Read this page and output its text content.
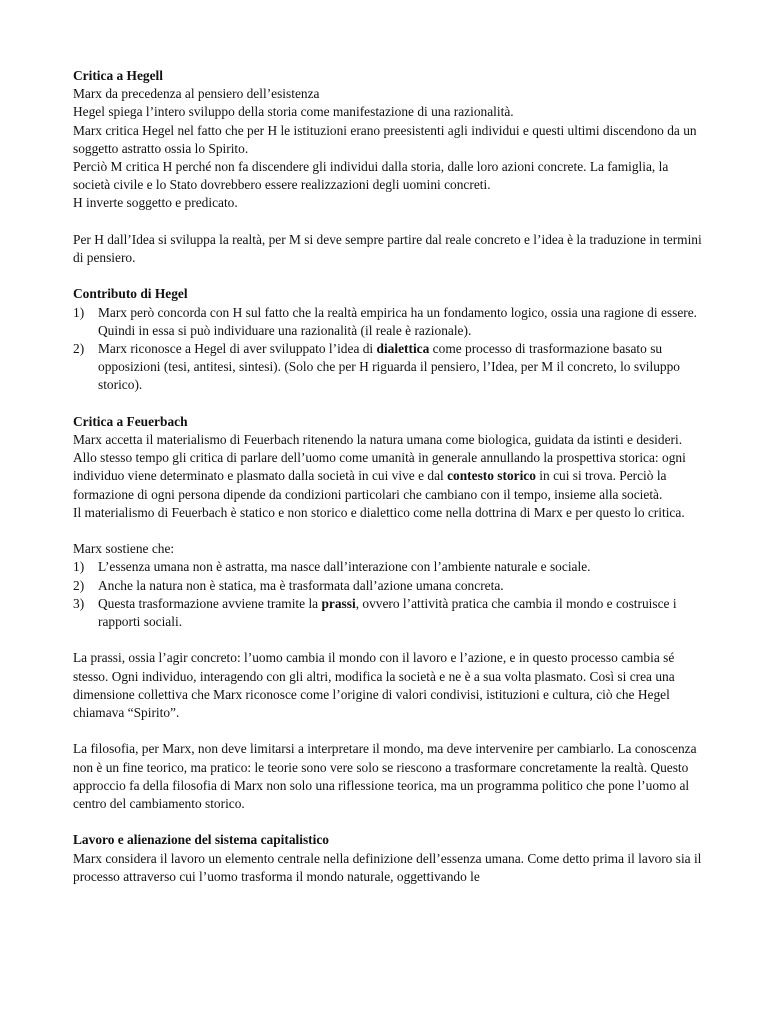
Critica a Hegell
Marx da precedenza al pensiero dell’esistenza
Hegel spiega l’intero sviluppo della storia come manifestazione di una razionalità.
Marx critica Hegel nel fatto che per H le istituzioni erano preesistenti agli individui e questi ultimi discendono da un soggetto astratto ossia lo Spirito.
Perciò M critica H perché non fa discendere gli individui dalla storia, dalle loro azioni concrete. La famiglia, la società civile e lo Stato dovrebbero essere realizzazioni degli uomini concreti.
H inverte soggetto e predicato.
Per H dall’Idea si sviluppa la realtà, per M si deve sempre partire dal reale concreto e l’idea è la traduzione in termini di pensiero.
Contributo di Hegel
1)	Marx però concorda con H sul fatto che la realtà empirica ha un fondamento logico, ossia una ragione di essere. Quindi in essa si può individuare una razionalità (il reale è razionale).
2)	Marx riconosce a Hegel di aver sviluppato l’idea di dialettica come processo di trasformazione basato su opposizioni (tesi, antitesi, sintesi). (Solo che per H riguarda il pensiero, l’Idea, per M il concreto, lo sviluppo storico).
Critica a Feuerbach
Marx accetta il materialismo di Feuerbach ritenendo la natura umana come biologica, guidata da istinti e desideri.
Allo stesso tempo gli critica di parlare dell’uomo come umanità in generale annullando la prospettiva storica: ogni individuo viene determinato e plasmato dalla società in cui vive e dal contesto storico in cui si trova. Perciò la formazione di ogni persona dipende da condizioni particolari che cambiano con il tempo, insieme alla società.
Il materialismo di Feuerbach è statico e non storico e dialettico come nella dottrina di Marx e per questo lo critica.
Marx sostiene che:
1)	L’essenza umana non è astratta, ma nasce dall’interazione con l’ambiente naturale e sociale.
2)	Anche la natura non è statica, ma è trasformata dall’azione umana concreta.
3)	Questa trasformazione avviene tramite la prassi, ovvero l’attività pratica che cambia il mondo e costruisce i rapporti sociali.
La prassi, ossia l’agir concreto: l’uomo cambia il mondo con il lavoro e l’azione, e in questo processo cambia sé stesso. Ogni individuo, interagendo con gli altri, modifica la società e ne è a sua volta plasmato. Così si crea una dimensione collettiva che Marx riconosce come l’origine di valori condivisi, istituzioni e cultura, ciò che Hegel chiamava “Spirito”.
La filosofia, per Marx, non deve limitarsi a interpretare il mondo, ma deve intervenire per cambiarlo. La conoscenza non è un fine teorico, ma pratico: le teorie sono vere solo se riescono a trasformare concretamente la realtà. Questo approccio fa della filosofia di Marx non solo una riflessione teorica, ma un programma politico che pone l’uomo al centro del cambiamento storico.
Lavoro e alienazione del sistema capitalistico
Marx considera il lavoro un elemento centrale nella definizione dell’essenza umana. Come detto prima il lavoro sia il processo attraverso cui l’uomo trasforma il mondo naturale, oggettivando le
